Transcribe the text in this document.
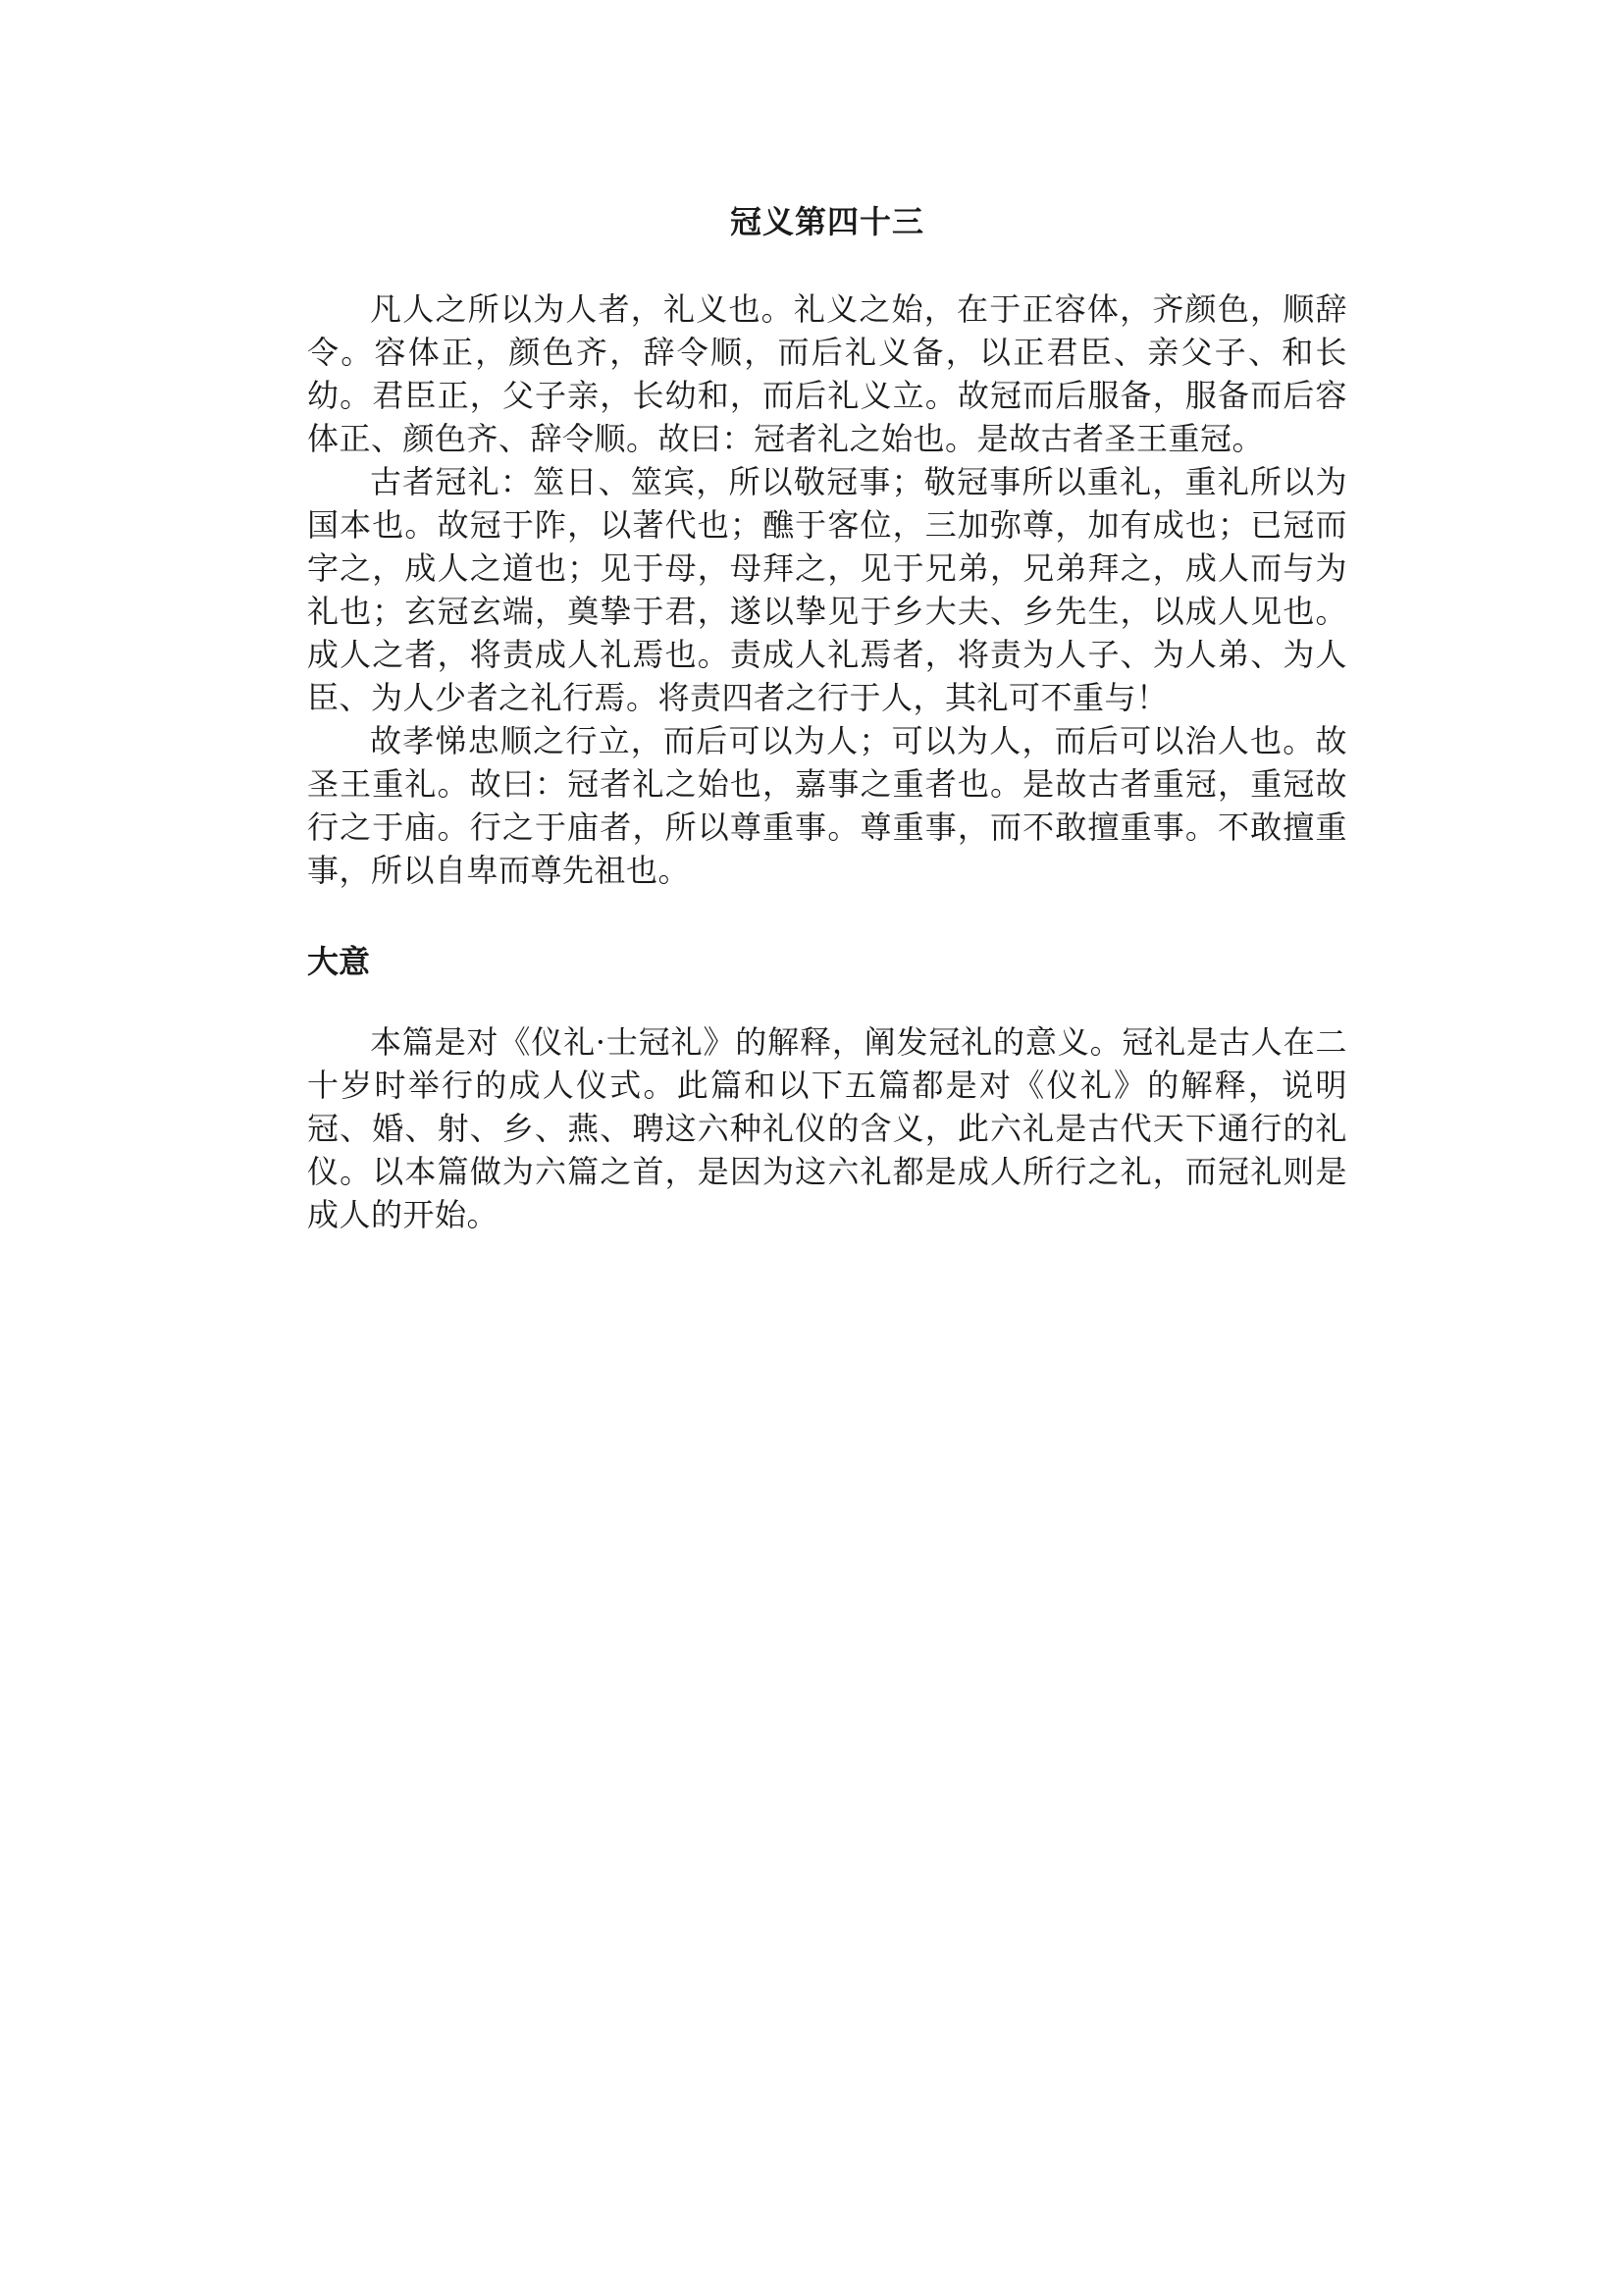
冠义第四十三

凡人之所以为人者，礼义也。礼义之始，在于正容体，齐颜色，顺辞令。容体正，颜色齐，辞令顺，而后礼义备，以正君臣、亲父子、和长幼。君臣正，父子亲，长幼和，而后礼义立。故冠而后服备，服备而后容体正、颜色齐、辞令顺。故曰：冠者礼之始也。是故古者圣王重冠。

古者冠礼：筮日、筮宾，所以敬冠事；敬冠事所以重礼，重礼所以为国本也。故冠于阼，以著代也；醮于客位，三加弥尊，加有成也；已冠而字之，成人之道也；见于母，母拜之，见于兄弟，兄弟拜之，成人而与为礼也；玄冠玄端，奠挚于君，遂以挚见于乡大夫、乡先生，以成人见也。成人之者，将责成人礼焉也。责成人礼焉者，将责为人子、为人弟、为人臣、为人少者之礼行焉。将责四者之行于人，其礼可不重与！

故孝悌忠顺之行立，而后可以为人；可以为人，而后可以治人也。故圣王重礼。故曰：冠者礼之始也，嘉事之重者也。是故古者重冠，重冠故行之于庙。行之于庙者，所以尊重事。尊重事，而不敢擅重事。不敢擅重事，所以自卑而尊先祖也。

大意

本篇是对《仪礼·士冠礼》的解释，阐发冠礼的意义。冠礼是古人在二十岁时举行的成人仪式。此篇和以下五篇都是对《仪礼》的解释，说明冠、婚、射、乡、燕、聘这六种礼仪的含义，此六礼是古代天下通行的礼仪。以本篇做为六篇之首，是因为这六礼都是成人所行之礼，而冠礼则是成人的开始。
